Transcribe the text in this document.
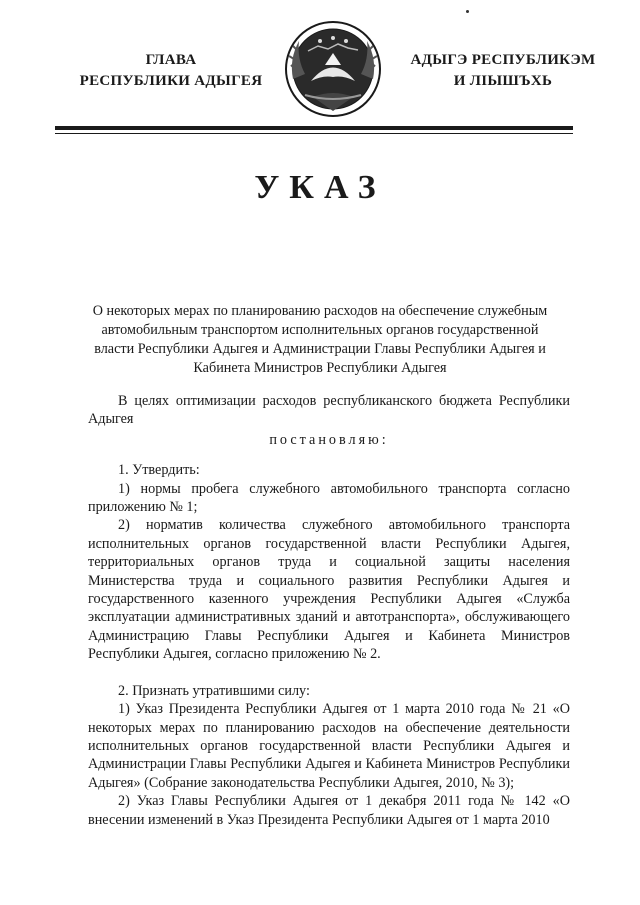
ГЛАВА
РЕСПУБЛИКИ АДЫГЕЯ
АДЫГЭ РЕСПУБЛИКЭМ
И ЛІЫШЪХЬ
УКАЗ
О некоторых мерах по планированию расходов на обеспечение служебным автомобильным транспортом исполнительных органов государственной власти Республики Адыгея и Администрации Главы Республики Адыгея и Кабинета Министров Республики Адыгея

В целях оптимизации расходов республиканского бюджета Республики Адыгея

постановляю:

1. Утвердить:

1) нормы пробега служебного автомобильного транспорта согласно приложению № 1;

2) норматив количества служебного автомобильного транспорта исполнительных органов государственной власти Республики Адыгея, территориальных органов труда и социальной защиты населения Министерства труда и социального развития Республики Адыгея и государственного казенного учреждения Республики Адыгея «Служба эксплуатации административных зданий и автотранспорта», обслуживающего Администрацию Главы Республики Адыгея и Кабинета Министров Республики Адыгея, согласно приложению № 2.

2. Признать утратившими силу:

1) Указ Президента Республики Адыгея от 1 марта 2010 года № 21 «О некоторых мерах по планированию расходов на обеспечение деятельности исполнительных органов государственной власти Республики Адыгея и Администрации Главы Республики Адыгея и Кабинета Министров Республики Адыгея» (Собрание законодательства Республики Адыгея, 2010, № 3);

2) Указ Главы Республики Адыгея от 1 декабря 2011 года № 142 «О внесении изменений в Указ Президента Республики Адыгея от 1 марта 2010
